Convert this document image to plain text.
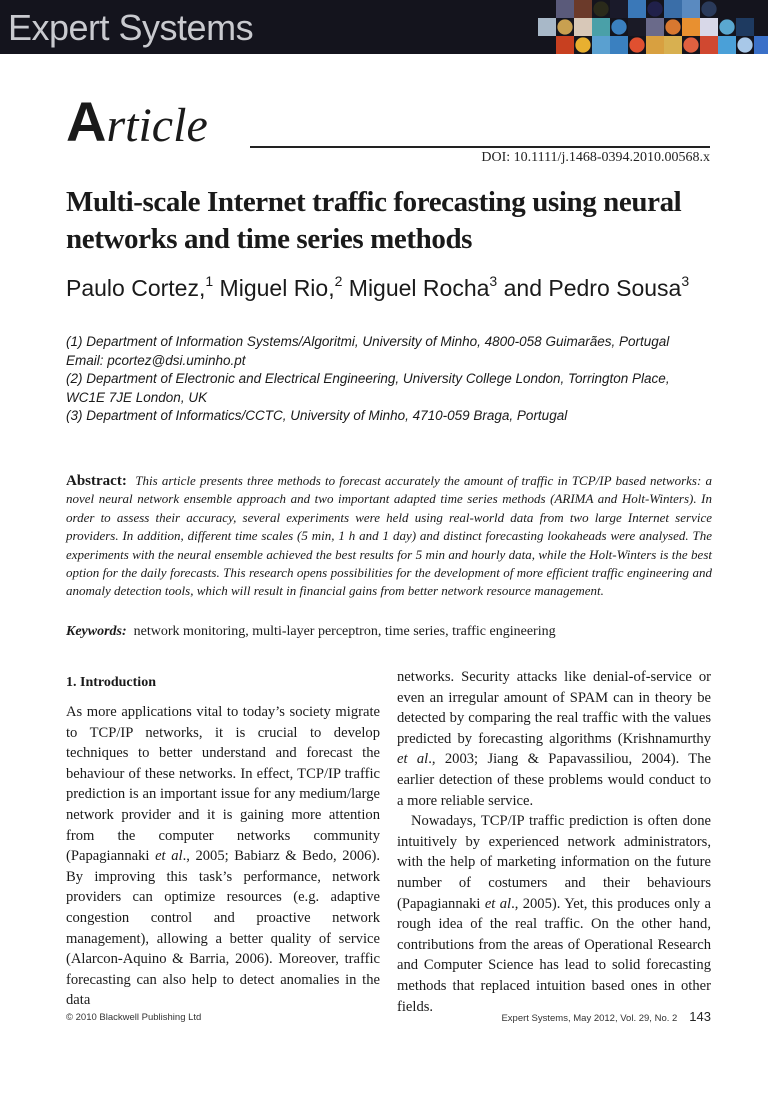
Expert Systems
Article
DOI: 10.1111/j.1468-0394.2010.00568.x
Multi-scale Internet traffic forecasting using neural networks and time series methods
Paulo Cortez,$^1$ Miguel Rio,$^2$ Miguel Rocha$^3$ and Pedro Sousa$^3$
(1) Department of Information Systems/Algoritmi, University of Minho, 4800-058 Guimarães, Portugal
Email: pcortez@dsi.uminho.pt
(2) Department of Electronic and Electrical Engineering, University College London, Torrington Place, WC1E 7JE London, UK
(3) Department of Informatics/CCTC, University of Minho, 4710-059 Braga, Portugal
Abstract: This article presents three methods to forecast accurately the amount of traffic in TCP/IP based networks: a novel neural network ensemble approach and two important adapted time series methods (ARIMA and Holt-Winters). In order to assess their accuracy, several experiments were held using real-world data from two large Internet service providers. In addition, different time scales (5 min, 1 h and 1 day) and distinct forecasting lookaheads were analysed. The experiments with the neural ensemble achieved the best results for 5 min and hourly data, while the Holt-Winters is the best option for the daily forecasts. This research opens possibilities for the development of more efficient traffic engineering and anomaly detection tools, which will result in financial gains from better network resource management.
Keywords: network monitoring, multi-layer perceptron, time series, traffic engineering
1. Introduction

As more applications vital to today’s society migrate to TCP/IP networks, it is crucial to develop techniques to better understand and forecast the behaviour of these networks. In effect, TCP/IP traffic prediction is an important issue for any medium/large network provider and it is gaining more attention from the computer networks community (Papagiannaki et al., 2005; Babiarz & Bedo, 2006). By improving this task’s performance, network providers can optimize resources (e.g. adaptive congestion control and proactive network management), allowing a better quality of service (Alarcon-Aquino & Barria, 2006). Moreover, traffic forecasting can also help to detect anomalies in the data

networks. Security attacks like denial-of-service or even an irregular amount of SPAM can in theory be detected by comparing the real traffic with the values predicted by forecasting algorithms (Krishnamurthy et al., 2003; Jiang & Papavassiliou, 2004). The earlier detection of these problems would conduct to a more reliable service.

Nowadays, TCP/IP traffic prediction is often done intuitively by experienced network administrators, with the help of marketing information on the future number of costumers and their behaviours (Papagiannaki et al., 2005). Yet, this produces only a rough idea of the real traffic. On the other hand, contributions from the areas of Operational Research and Computer Science has lead to solid forecasting methods that replaced intuition based ones in other fields.

© 2010 Blackwell Publishing Ltd	Expert Systems, May 2012, Vol. 29, No. 2 143
